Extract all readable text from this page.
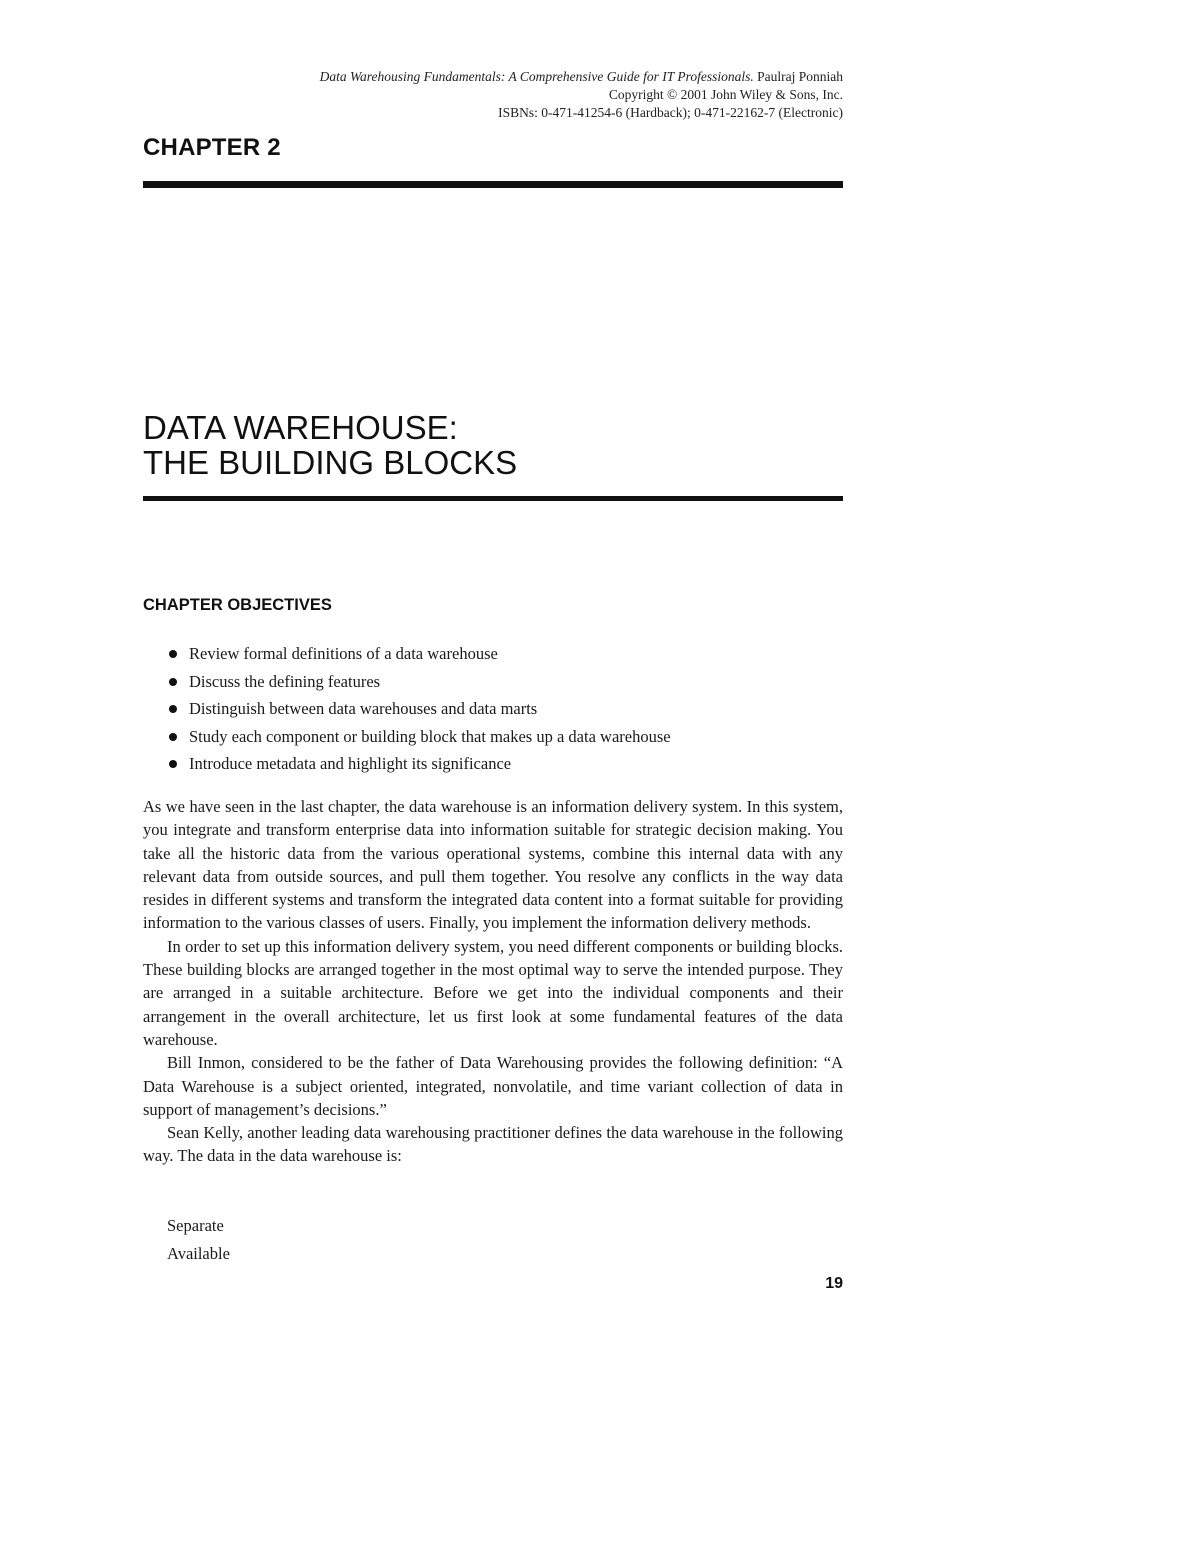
Data Warehousing Fundamentals: A Comprehensive Guide for IT Professionals. Paulraj Ponniah
Copyright © 2001 John Wiley & Sons, Inc.
ISBNs: 0-471-41254-6 (Hardback); 0-471-22162-7 (Electronic)
CHAPTER 2
DATA WAREHOUSE:
THE BUILDING BLOCKS
CHAPTER OBJECTIVES
Review formal definitions of a data warehouse
Discuss the defining features
Distinguish between data warehouses and data marts
Study each component or building block that makes up a data warehouse
Introduce metadata and highlight its significance

As we have seen in the last chapter, the data warehouse is an information delivery system. In this system, you integrate and transform enterprise data into information suitable for strategic decision making. You take all the historic data from the various operational systems, combine this internal data with any relevant data from outside sources, and pull them together. You resolve any conflicts in the way data resides in different systems and transform the integrated data content into a format suitable for providing information to the various classes of users. Finally, you implement the information delivery methods.

In order to set up this information delivery system, you need different components or building blocks. These building blocks are arranged together in the most optimal way to serve the intended purpose. They are arranged in a suitable architecture. Before we get into the individual components and their arrangement in the overall architecture, let us first look at some fundamental features of the data warehouse.

Bill Inmon, considered to be the father of Data Warehousing provides the following definition: “A Data Warehouse is a subject oriented, integrated, nonvolatile, and time variant collection of data in support of management’s decisions.”

Sean Kelly, another leading data warehousing practitioner defines the data warehouse in the following way. The data in the data warehouse is:

Separate
Available
19
